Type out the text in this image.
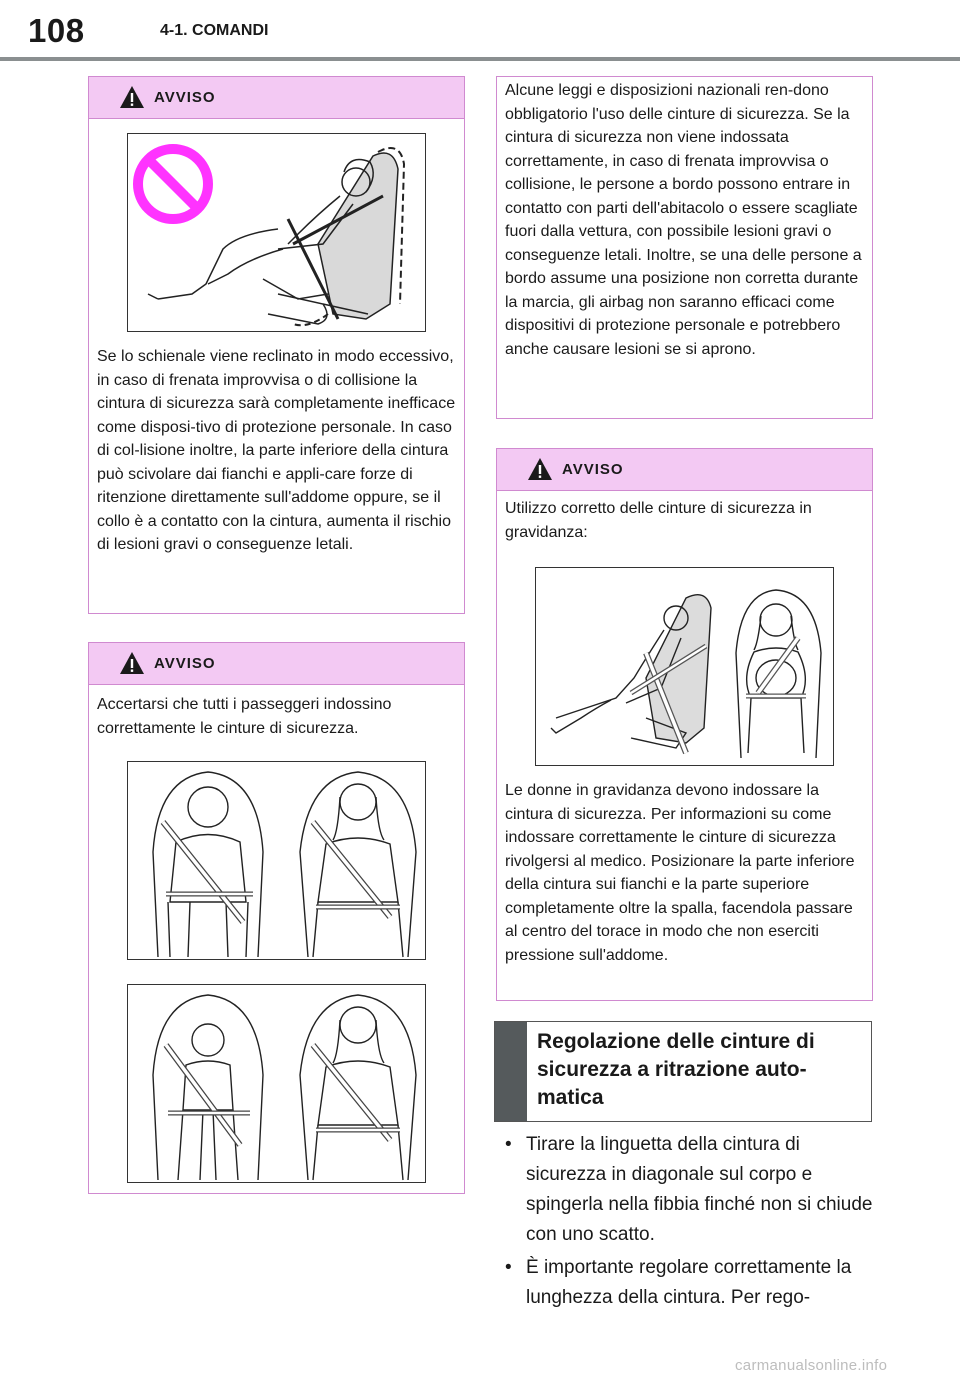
108	4-1. COMANDI
AVVISO
Se lo schienale viene reclinato in modo eccessivo, in caso di frenata improvvisa o di collisione la cintura di sicurezza sarà completamente inefficace come disposi-tivo di protezione personale. In caso di col-lisione inoltre, la parte inferiore della cintura può scivolare dai fianchi e appli-care forze di ritenzione direttamente sull'addome oppure, se il collo è a contatto con la cintura, aumenta il rischio di lesioni gravi o conseguenze letali.
AVVISO
Accertarsi che tutti i passeggeri indossino correttamente le cinture di sicurezza.
Alcune leggi e disposizioni nazionali ren-dono obbligatorio l'uso delle cinture di sicurezza. Se la cintura di sicurezza non viene indossata correttamente, in caso di frenata improvvisa o collisione, le persone a bordo possono entrare in contatto con parti dell'abitacolo o essere scagliate fuori dalla vettura, con possibile lesioni gravi o conseguenze letali. Inoltre, se una delle persone a bordo assume una posizione non corretta durante la marcia, gli airbag non saranno efficaci come dispositivi di protezione personale e potrebbero anche causare lesioni se si aprono.
AVVISO
Utilizzo corretto delle cinture di sicurezza in gravidanza:
Le donne in gravidanza devono indossare la cintura di sicurezza. Per informazioni su come indossare correttamente le cinture di sicurezza rivolgersi al medico. Posizionare la parte inferiore della cintura sui fianchi e la parte superiore completamente oltre la spalla, facendola passare al centro del torace in modo che non eserciti pressione sull'addome.
Regolazione delle cinture di sicurezza a ritrazione auto-matica
• Tirare la linguetta della cintura di sicurezza in diagonale sul corpo e spingerla nella fibbia finché non si chiude con uno scatto.
• È importante regolare correttamente la lunghezza della cintura. Per rego-
carmanualsonline.info
